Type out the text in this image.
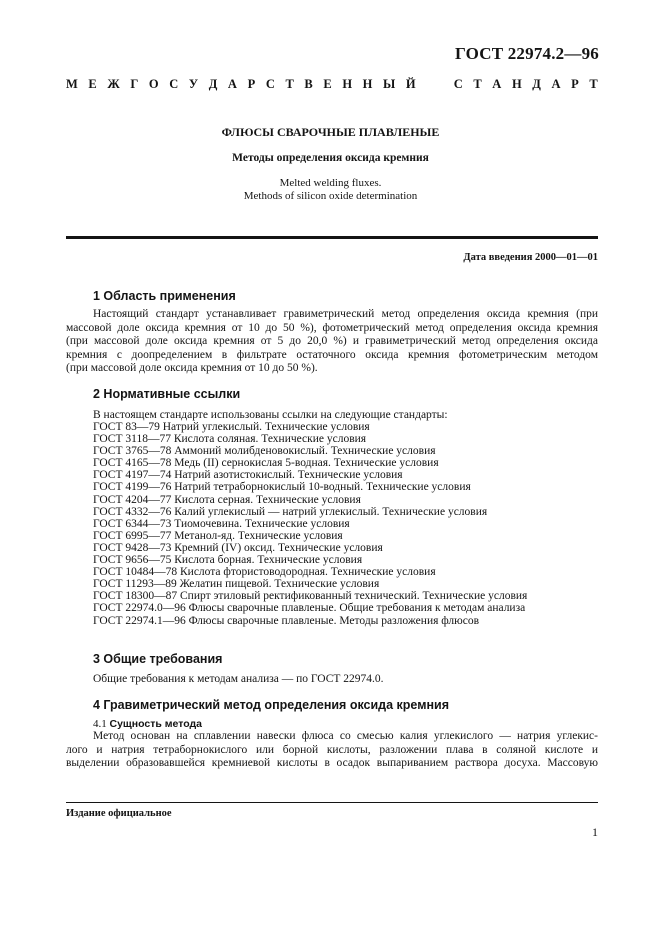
ГОСТ 22974.2—96
М Е Ж Г О С У Д А Р С Т В Е Н Н Ы Й

	С Т А Н Д А Р Т
ФЛЮСЫ СВАРОЧНЫЕ ПЛАВЛЕНЫЕ
Методы определения оксида кремния
Melted welding fluxes.
Methods of silicon oxide determination
Дата введения 2000—01—01
1 Область применения
Настоящий стандарт устанавливает гравиметрический метод определения оксида кремния (при
массовой доле оксида кремния от 10 до 50 %), фотометрический метод определения оксида кремния
(при массовой доле оксида кремния от 5 до 20,0 %) и гравиметрический метод определения оксида
кремния с доопределением в фильтрате остаточного оксида кремния фотометрическим методом
(при массовой доле оксида кремния от 10 до 50 %).
2 Нормативные ссылки
В настоящем стандарте использованы ссылки на следующие стандарты:
ГОСТ 83—79 Натрий углекислый. Технические условия
ГОСТ 3118—77 Кислота соляная. Технические условия
ГОСТ 3765—78 Аммоний молибденовокислый. Технические условия
ГОСТ 4165—78 Медь (II) сернокислая 5-водная. Технические условия
ГОСТ 4197—74 Натрий азотистокислый. Технические условия
ГОСТ 4199—76 Натрий тетраборнокислый 10-водный. Технические условия
ГОСТ 4204—77 Кислота серная. Технические условия
ГОСТ 4332—76 Калий углекислый — натрий углекислый. Технические условия
ГОСТ 6344—73 Тиомочевина. Технические условия
ГОСТ 6995—77 Метанол-яд. Технические условия
ГОСТ 9428—73 Кремний (IV) оксид. Технические условия
ГОСТ 9656—75 Кислота борная. Технические условия
ГОСТ 10484—78 Кислота фтористоводородная. Технические условия
ГОСТ 11293—89 Желатин пищевой. Технические условия
ГОСТ 18300—87 Спирт этиловый ректификованный технический. Технические условия
ГОСТ 22974.0—96 Флюсы сварочные плавленые. Общие требования к методам анализа
ГОСТ 22974.1—96 Флюсы сварочные плавленые. Методы разложения флюсов
3 Общие требования
Общие требования к методам анализа — по ГОСТ 22974.0.
4 Гравиметрический метод определения оксида кремния
4.1 Сущность метода
Метод основан на сплавлении навески флюса со смесью калия углекислого — натрия углекис-
лого и натрия тетраборнокислого или борной кислоты, разложении плава в соляной кислоте и
выделении образовавшейся кремниевой кислоты в осадок выпариванием раствора досуха. Массовую
Издание официальное
1
